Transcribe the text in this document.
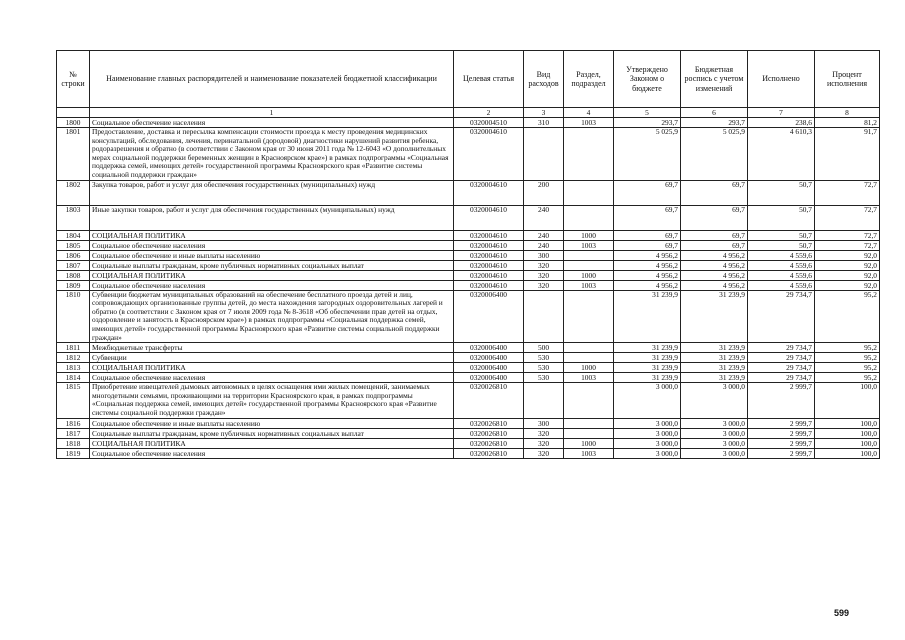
№ строки	Наименование главных распорядителей и наименование показателей бюджетной классификации	Целевая статья	Вид расходов	Раздел, подраздел	Утверждено Законом о бюджете	Бюджетная роспись с учетом изменений	Исполнено	Процент исполнения
	1	2	3	4	5	6	7	8
1800	Социальное обеспечение населения	0320004510	310	1003	293,7	293,7	238,6	81,2
1801	Предоставление, доставка и пересылка компенсации стоимости проезда к месту проведения медицинских консультаций, обследования, лечения, перинатальной (дородовой) диагностики нарушений развития ребенка, родоразрешения и обратно (в соответствии с Законом края от 30 июня 2011 года № 12-6043 «О дополнительных мерах социальной поддержки беременных женщин в Красноярском крае») в рамках подпрограммы «Социальная поддержка семей, имеющих детей» государственной программы Красноярского края «Развитие системы социальной поддержки граждан»	0320004610			5 025,9	5 025,9	4 610,3	91,7
1802	Закупка товаров, работ и услуг для обеспечения государственных (муниципальных) нужд	0320004610	200		69,7	69,7	50,7	72,7
1803	Иные закупки товаров, работ и услуг для обеспечения государственных (муниципальных) нужд	0320004610	240		69,7	69,7	50,7	72,7
1804	СОЦИАЛЬНАЯ ПОЛИТИКА	0320004610	240	1000	69,7	69,7	50,7	72,7
1805	Социальное обеспечение населения	0320004610	240	1003	69,7	69,7	50,7	72,7
1806	Социальное обеспечение и иные выплаты населению	0320004610	300		4 956,2	4 956,2	4 559,6	92,0
1807	Социальные выплаты гражданам, кроме публичных нормативных социальных выплат	0320004610	320		4 956,2	4 956,2	4 559,6	92,0
1808	СОЦИАЛЬНАЯ ПОЛИТИКА	0320004610	320	1000	4 956,2	4 956,2	4 559,6	92,0
1809	Социальное обеспечение населения	0320004610	320	1003	4 956,2	4 956,2	4 559,6	92,0
1810	Субвенции бюджетам муниципальных образований на обеспечение бесплатного проезда детей и лиц, сопровождающих организованные группы детей, до места нахождения загородных оздоровительных лагерей и обратно (в соответствии с Законом края от 7 июля 2009 года № 8-3618 «Об обеспечении прав детей на отдых, оздоровление и занятость в Красноярском крае») в рамках подпрограммы «Социальная поддержка семей, имеющих детей» государственной программы Красноярского края «Развитие системы социальной поддержки граждан»	0320006400			31 239,9	31 239,9	29 734,7	95,2
1811	Межбюджетные трансферты	0320006400	500		31 239,9	31 239,9	29 734,7	95,2
1812	Субвенции	0320006400	530		31 239,9	31 239,9	29 734,7	95,2
1813	СОЦИАЛЬНАЯ ПОЛИТИКА	0320006400	530	1000	31 239,9	31 239,9	29 734,7	95,2
1814	Социальное обеспечение населения	0320006400	530	1003	31 239,9	31 239,9	29 734,7	95,2
1815	Приобретение извещателей дымовых автономных в целях оснащения ими жилых помещений, занимаемых многодетными семьями, проживающими на территории Красноярского края, в рамках подпрограммы «Социальная поддержка семей, имеющих детей» государственной программы Красноярского края «Развитие системы социальной поддержки граждан»	0320026810			3 000,0	3 000,0	2 999,7	100,0
1816	Социальное обеспечение и иные выплаты населению	0320026810	300		3 000,0	3 000,0	2 999,7	100,0
1817	Социальные выплаты гражданам, кроме публичных нормативных социальных выплат	0320026810	320		3 000,0	3 000,0	2 999,7	100,0
1818	СОЦИАЛЬНАЯ ПОЛИТИКА	0320026810	320	1000	3 000,0	3 000,0	2 999,7	100,0
1819	Социальное обеспечение населения	0320026810	320	1003	3 000,0	3 000,0	2 999,7	100,0
599
